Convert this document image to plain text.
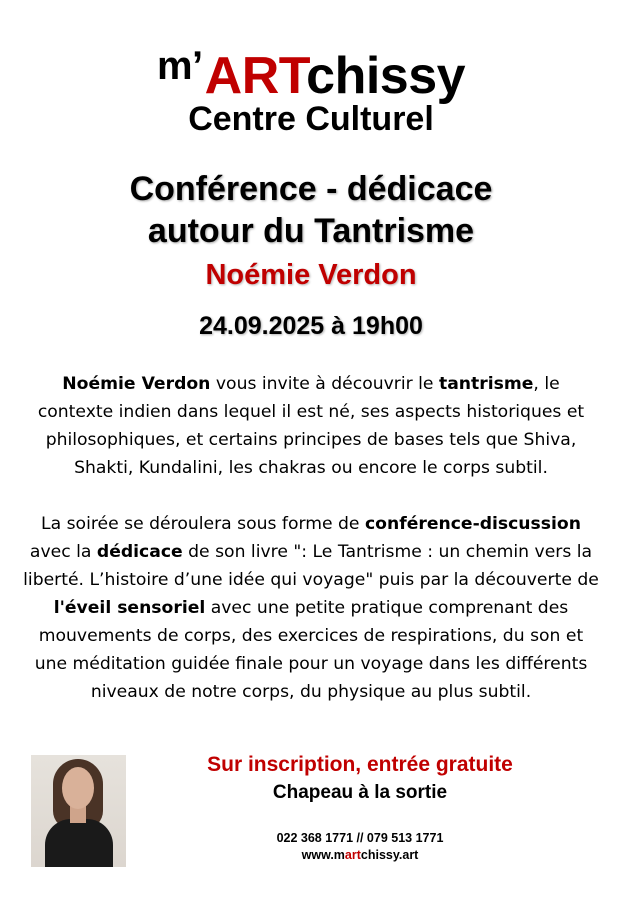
$^{m’}$ARTchissy
Centre Culturel
Conférence - dédicace
autour du Tantrisme
Noémie Verdon
24.09.2025 à 19h00

Noémie Verdon vous invite à découvrir le tantrisme, le contexte indien dans lequel il est né, ses aspects historiques et philosophiques, et certains principes de bases tels que Shiva, Shakti, Kundalini, les chakras ou encore le corps subtil.

La soirée se déroulera sous forme de conférence-discussion avec la dédicace de son livre ": Le Tantrisme : un chemin vers la liberté. L’histoire d’une idée qui voyage" puis par la découverte de l'éveil sensoriel avec une petite pratique comprenant des mouvements de corps, des exercices de respirations, du son et une méditation guidée finale pour un voyage dans les différents niveaux de notre corps, du physique au plus subtil.

Sur inscription, entrée gratuite
Chapeau à la sortie
022 368 1771 // 079 513 1771
www.martchissy.art
